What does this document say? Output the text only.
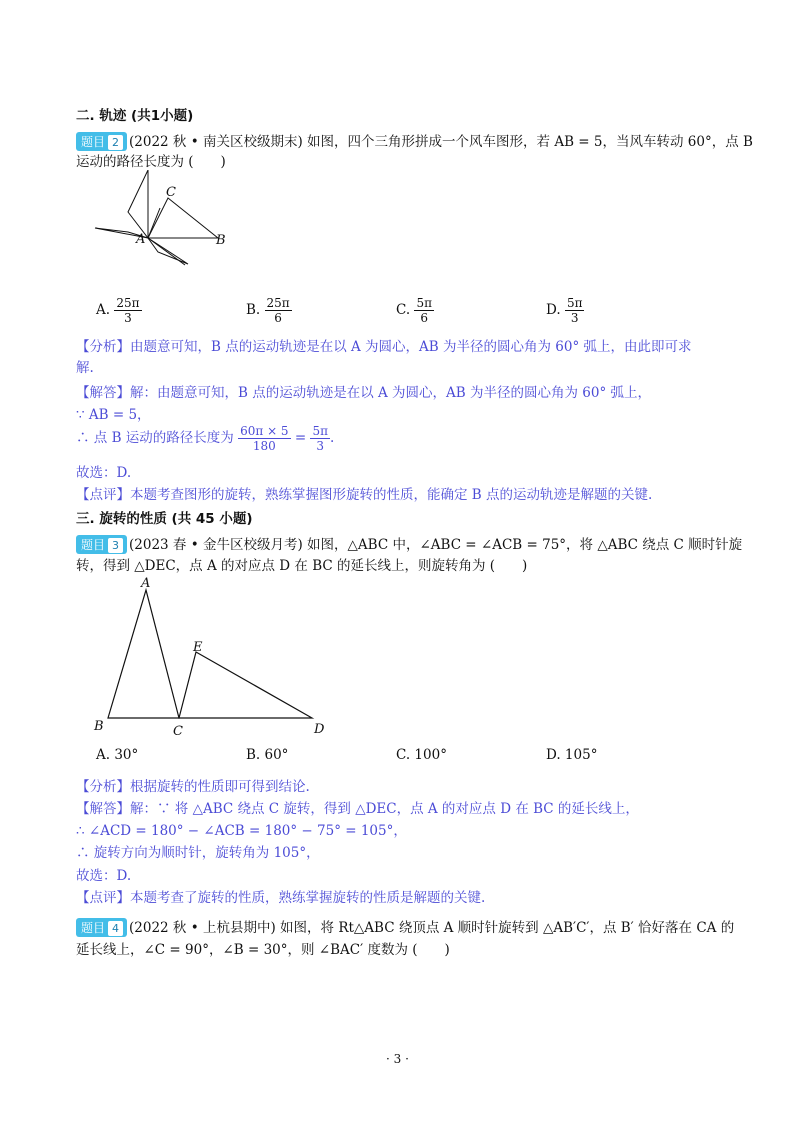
二. 轨迹 (共1小题)
题目 2 (2022 秋 • 南关区校级期末) 如图，四个三角形拼成一个风车图形，若 AB = 5，当风车转动 60°，点 B
运动的路径长度为 (　　)
A	B
C
A. $\frac{25\pi}{3}$	B. $\frac{25\pi}{6}$	C. $\frac{5\pi}{6}$	D. $\frac{5\pi}{3}$
【分析】由题意可知，B 点的运动轨迹是在以 A 为圆心，AB 为半径的圆心角为 60° 弧上，由此即可求
解.
【解答】解：由题意可知，B 点的运动轨迹是在以 A 为圆心，AB 为半径的圆心角为 60° 弧上，
∵ AB = 5，
∴ 点 B 运动的路径长度为 $\frac{60\pi \times 5}{180} = \frac{5\pi}{3}$ .
故选：D.
【点评】本题考查图形的旋转，熟练掌握图形旋转的性质，能确定 B 点的运动轨迹是解题的关键.
三. 旋转的性质 (共 45 小题)
题目 3 (2023 春 • 金牛区校级月考) 如图，△ABC 中，∠ABC = ∠ACB = 75°，将 △ABC 绕点 C 顺时针旋
转，得到 △DEC，点 A 的对应点 D 在 BC 的延长线上，则旋转角为 (　　)
A
B	C	D
E
A. 30°	B. 60°	C. 100°	D. 105°
【分析】根据旋转的性质即可得到结论.
【解答】解：∵ 将 △ABC 绕点 C 旋转，得到 △DEC，点 A 的对应点 D 在 BC 的延长线上，
∴ ∠ACD = 180° − ∠ACB = 180° − 75° = 105°，
∴ 旋转方向为顺时针，旋转角为 105°，
故选：D.
【点评】本题考查了旋转的性质，熟练掌握旋转的性质是解题的关键.
题目 4 (2022 秋 • 上杭县期中) 如图，将 Rt△ABC 绕顶点 A 顺时针旋转到 △AB′C′，点 B′ 恰好落在 CA 的
延长线上，∠C = 90°，∠B = 30°，则 ∠BAC′ 度数为 (　　)
· 3 ·
